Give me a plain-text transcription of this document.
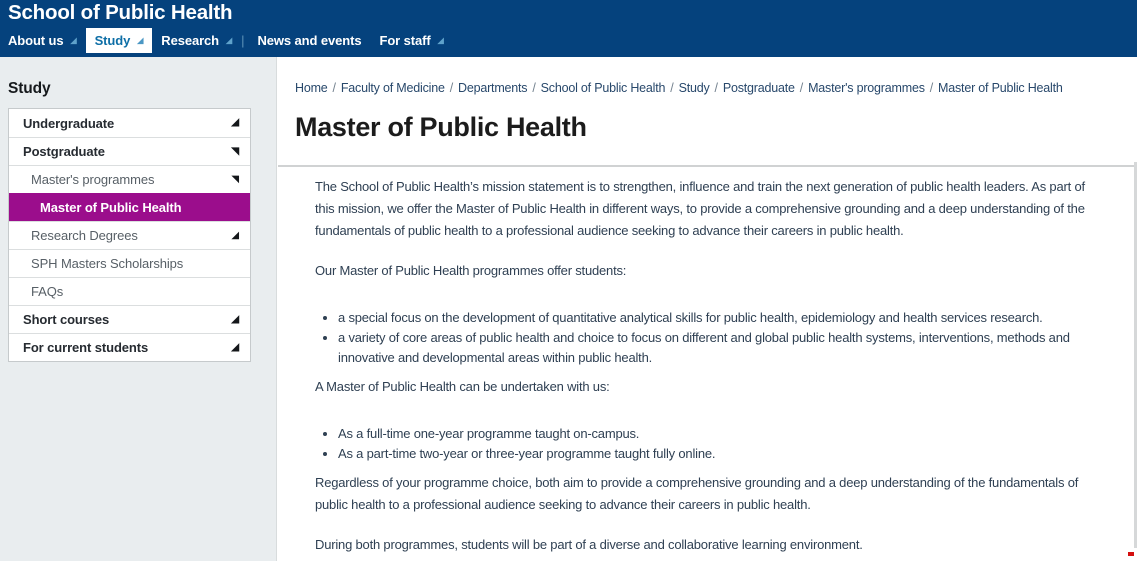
School of Public Health
About us ◢ Study ◢ Research ◢ | News and events For staff ◢
Study
Undergraduate	◢
Postgraduate	◥
Master's programmes	◥
Master of Public Health
Research Degrees	◢
SPH Masters Scholarships
FAQs
Short courses	◢
For current students	◢
Home / Faculty of Medicine / Departments / School of Public Health / Study / Postgraduate / Master's programmes / Master of Public Health
Master of Public Health

The School of Public Health’s mission statement is to strengthen, influence and train the next generation of public health leaders. As part of this mission, we offer the Master of Public Health in different ways, to provide a comprehensive grounding and a deep understanding of the fundamentals of public health to a professional audience seeking to advance their careers in public health.

Our Master of Public Health programmes offer students:

• a special focus on the development of quantitative analytical skills for public health, epidemiology and health services research.
• a variety of core areas of public health and choice to focus on different and global public health systems, interventions, methods and innovative and developmental areas within public health.

A Master of Public Health can be undertaken with us:

• As a full-time one-year programme taught on-campus.
• As a part-time two-year or three-year programme taught fully online.

Regardless of your programme choice, both aim to provide a comprehensive grounding and a deep understanding of the fundamentals of public health to a professional audience seeking to advance their careers in public health.

During both programmes, students will be part of a diverse and collaborative learning environment.
